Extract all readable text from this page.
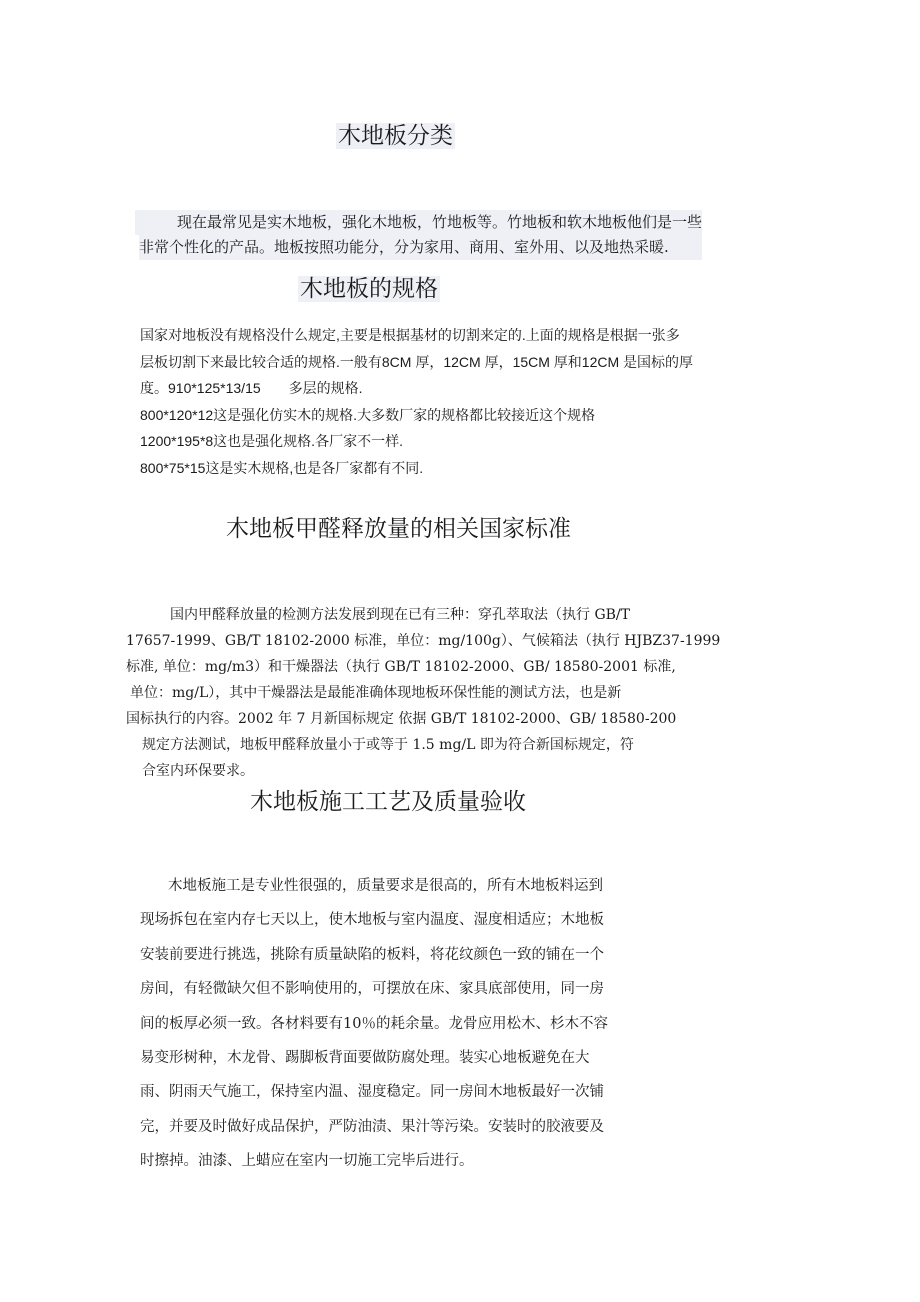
木地板分类
现在最常见是实木地板，强化木地板，竹地板等。竹地板和软木地板他们是一些
非常个性化的产品。地板按照功能分，分为家用、商用、室外用、以及地热采暖.
木地板的规格
国家对地板没有规格没什么规定,主要是根据基材的切割来定的.上面的规格是根据一张多
层板切割下来最比较合适的规格.一般有8CM 厚，12CM 厚，15CM 厚和12CM 是国标的厚
度。910*125*13/15　　多层的规格.
800*120*12这是强化仿实木的规格.大多数厂家的规格都比较接近这个规格
1200*195*8这也是强化规格.各厂家不一样.
800*75*15这是实木规格,也是各厂家都有不同.
木地板甲醛释放量的相关国家标准
国内甲醛释放量的检测方法发展到现在已有三种：穿孔萃取法（执行 GB/T
17657-1999、GB/T 18102-2000 标准，单位：mg/100g）、气候箱法（执行 HJBZ37-1999
标准, 单位：mg/m3）和干燥器法（执行 GB/T 18102-2000、GB/ 18580-2001 标准,
单位：mg/L），其中干燥器法是最能准确体现地板环保性能的测试方法，也是新
国标执行的内容。2002 年 7 月新国标规定 依据 GB/T 18102-2000、GB/ 18580-200
规定方法测试，地板甲醛释放量小于或等于 1.5 mg/L 即为符合新国标规定，符
合室内环保要求。
木地板施工工艺及质量验收
木地板施工是专业性很强的，质量要求是很高的，所有木地板料运到
现场拆包在室内存七天以上，使木地板与室内温度、湿度相适应；木地板
安装前要进行挑选，挑除有质量缺陷的板料，将花纹颜色一致的铺在一个
房间，有轻微缺欠但不影响使用的，可摆放在床、家具底部使用，同一房
间的板厚必须一致。各材料要有10％的耗余量。龙骨应用松木、杉木不容
易变形树种，木龙骨、踢脚板背面要做防腐处理。装实心地板避免在大
雨、阴雨天气施工，保持室内温、湿度稳定。同一房间木地板最好一次铺
完，并要及时做好成品保护，严防油渍、果汁等污染。安装时的胶液要及
时擦掉。油漆、上蜡应在室内一切施工完毕后进行。
